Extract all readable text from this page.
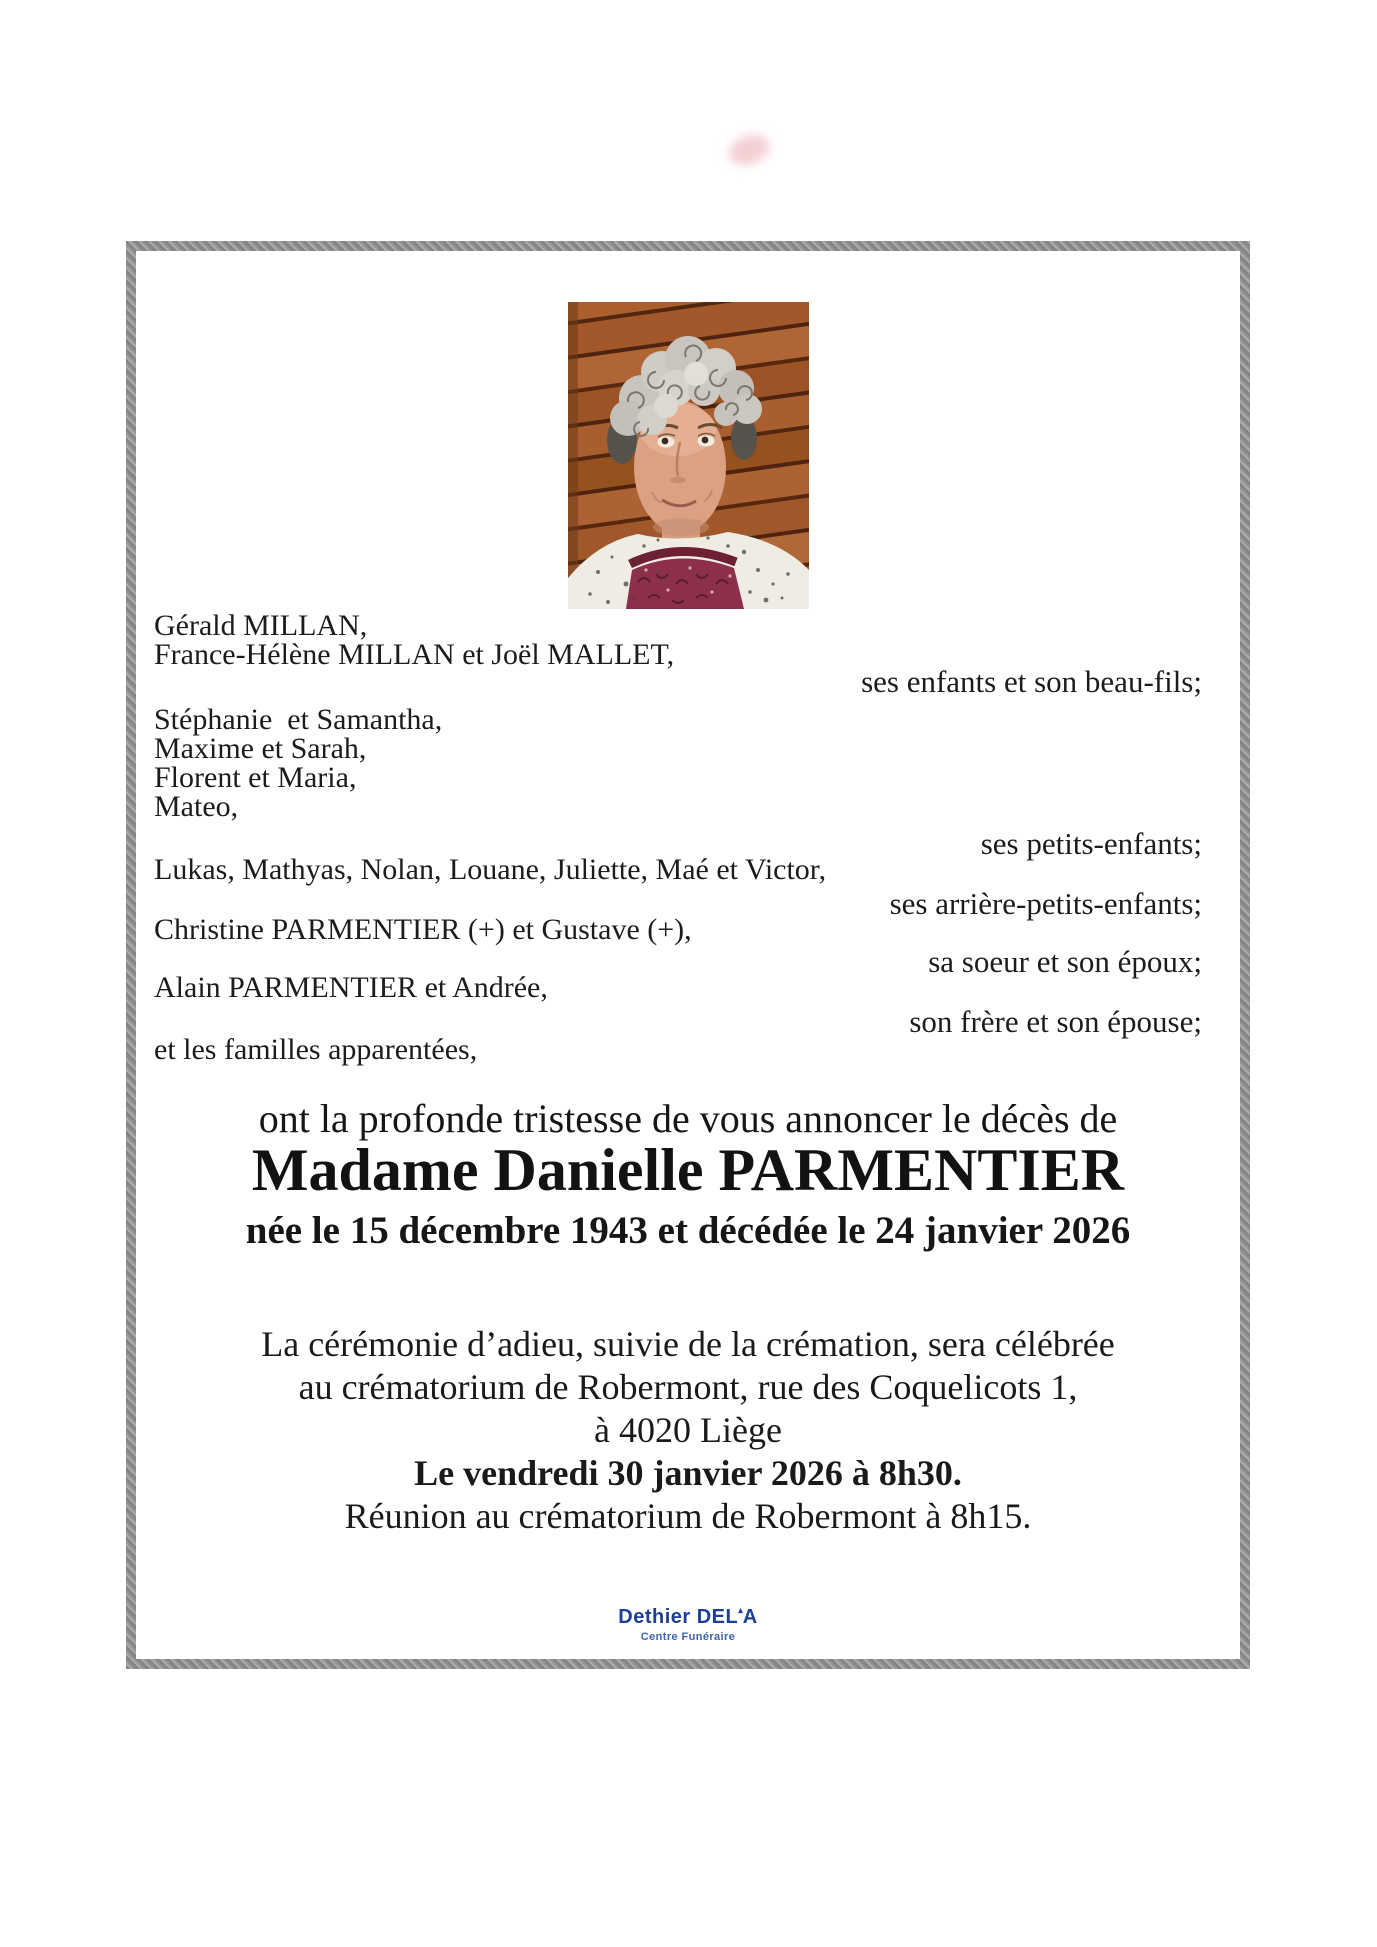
Gérald MILLAN,
France-Hélène MILLAN et Joël MALLET,
ses enfants et son beau-fils;
Stéphanie  et Samantha,
Maxime et Sarah,
Florent et Maria,
Mateo,
ses petits-enfants;
Lukas, Mathyas, Nolan, Louane, Juliette, Maé et Victor,
ses arrière-petits-enfants;
Christine PARMENTIER (+) et Gustave (+),
sa soeur et son époux;
Alain PARMENTIER et Andrée,
son frère et son épouse;
et les familles apparentées,
ont la profonde tristesse de vous annoncer le décès de
Madame Danielle PARMENTIER
née le 15 décembre 1943 et décédée le 24 janvier 2026
La cérémonie d’adieu, suivie de la crémation, sera célébrée
au crématorium de Robermont, rue des Coquelicots 1,
à 4020 Liège
Le vendredi 30 janvier 2026 à 8h30.
Réunion au crématorium de Robermont à 8h15.
Dethier DEL▴A
Centre Funéraire
